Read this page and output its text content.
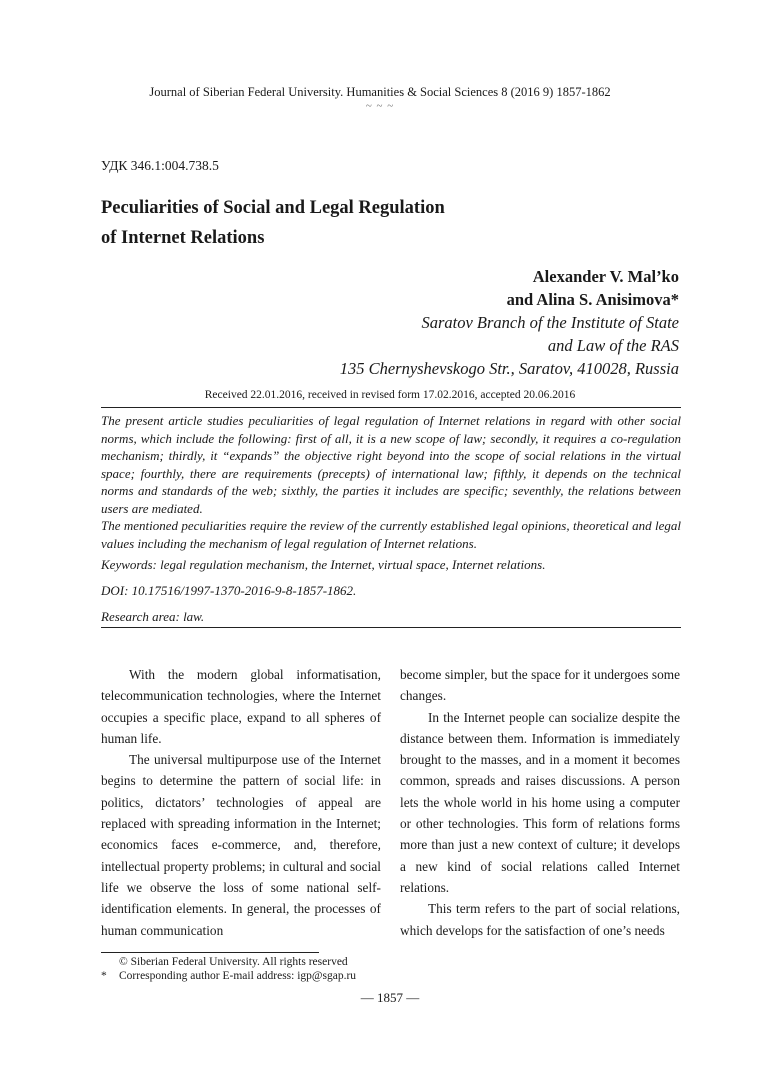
Journal of Siberian Federal University. Humanities & Social Sciences 8 (2016 9) 1857-1862
~ ~ ~
УДК 346.1:004.738.5
Peculiarities of Social and Legal Regulation
of Internet Relations
Alexander V. Mal’ko
and Alina S. Anisimova*
Saratov Branch of the Institute of State
and Law of the RAS
135 Chernyshevskogo Str., Saratov, 410028, Russia
Received 22.01.2016, received in revised form 17.02.2016, accepted 20.06.2016

The present article studies peculiarities of legal regulation of Internet relations in regard with other social norms, which include the following: first of all, it is a new scope of law; secondly, it requires a co-regulation mechanism; thirdly, it “expands” the objective right beyond into the scope of social relations in the virtual space; fourthly, there are requirements (precepts) of international law; fifthly, it depends on the technical norms and standards of the web; sixthly, the parties it includes are specific; seventhly, the relations between users are mediated.

The mentioned peculiarities require the review of the currently established legal opinions, theoretical and legal values including the mechanism of legal regulation of Internet relations.

Keywords: legal regulation mechanism, the Internet, virtual space, Internet relations.
DOI: 10.17516/1997-1370-2016-9-8-1857-1862.
Research area: law.

With the modern global informatisation, telecommunication technologies, where the Internet occupies a specific place, expand to all spheres of human life.

The universal multipurpose use of the Internet begins to determine the pattern of social life: in politics, dictators’ technologies of appeal are replaced with spreading information in the Internet; economics faces e-commerce, and, therefore, intellectual property problems; in cultural and social life we observe the loss of some national self-identification elements. In general, the processes of human communication

become simpler, but the space for it undergoes some changes.

In the Internet people can socialize despite the distance between them. Information is immediately brought to the masses, and in a moment it becomes common, spreads and raises discussions. A person lets the whole world in his home using a computer or other technologies. This form of relations forms more than just a new context of culture; it develops a new kind of social relations called Internet relations.

This term refers to the part of social relations, which develops for the satisfaction of one’s needs

© Siberian Federal University. All rights reserved
* Corresponding author E-mail address: igp@sgap.ru
— 1857 —
